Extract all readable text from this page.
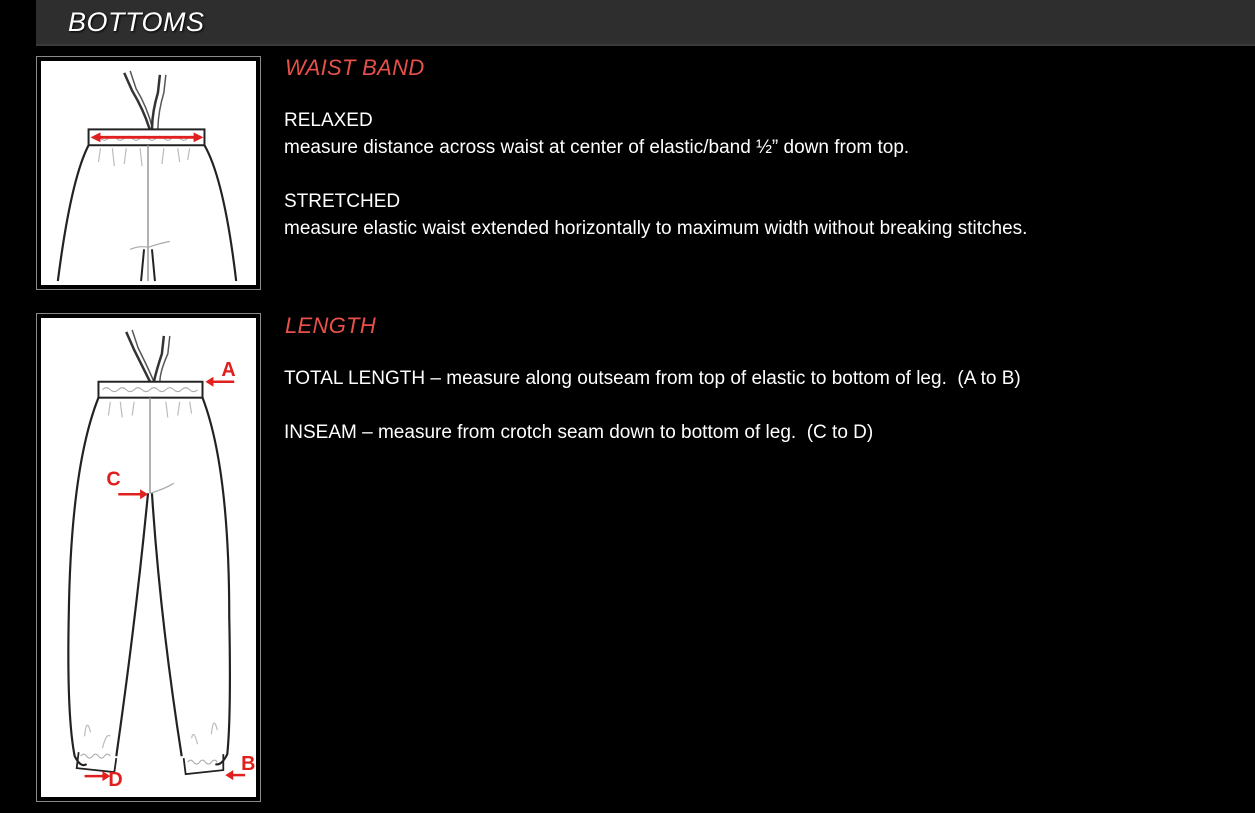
BOTTOMS
WAIST BAND
RELAXED
measure distance across waist at center of elastic/band ½” down from top.
STRETCHED
measure elastic waist extended horizontally to maximum width without breaking stitches.
A
C
D
B
LENGTH
TOTAL LENGTH – measure along outseam from top of elastic to bottom of leg.  (A to B)
INSEAM – measure from crotch seam down to bottom of leg.  (C to D)
